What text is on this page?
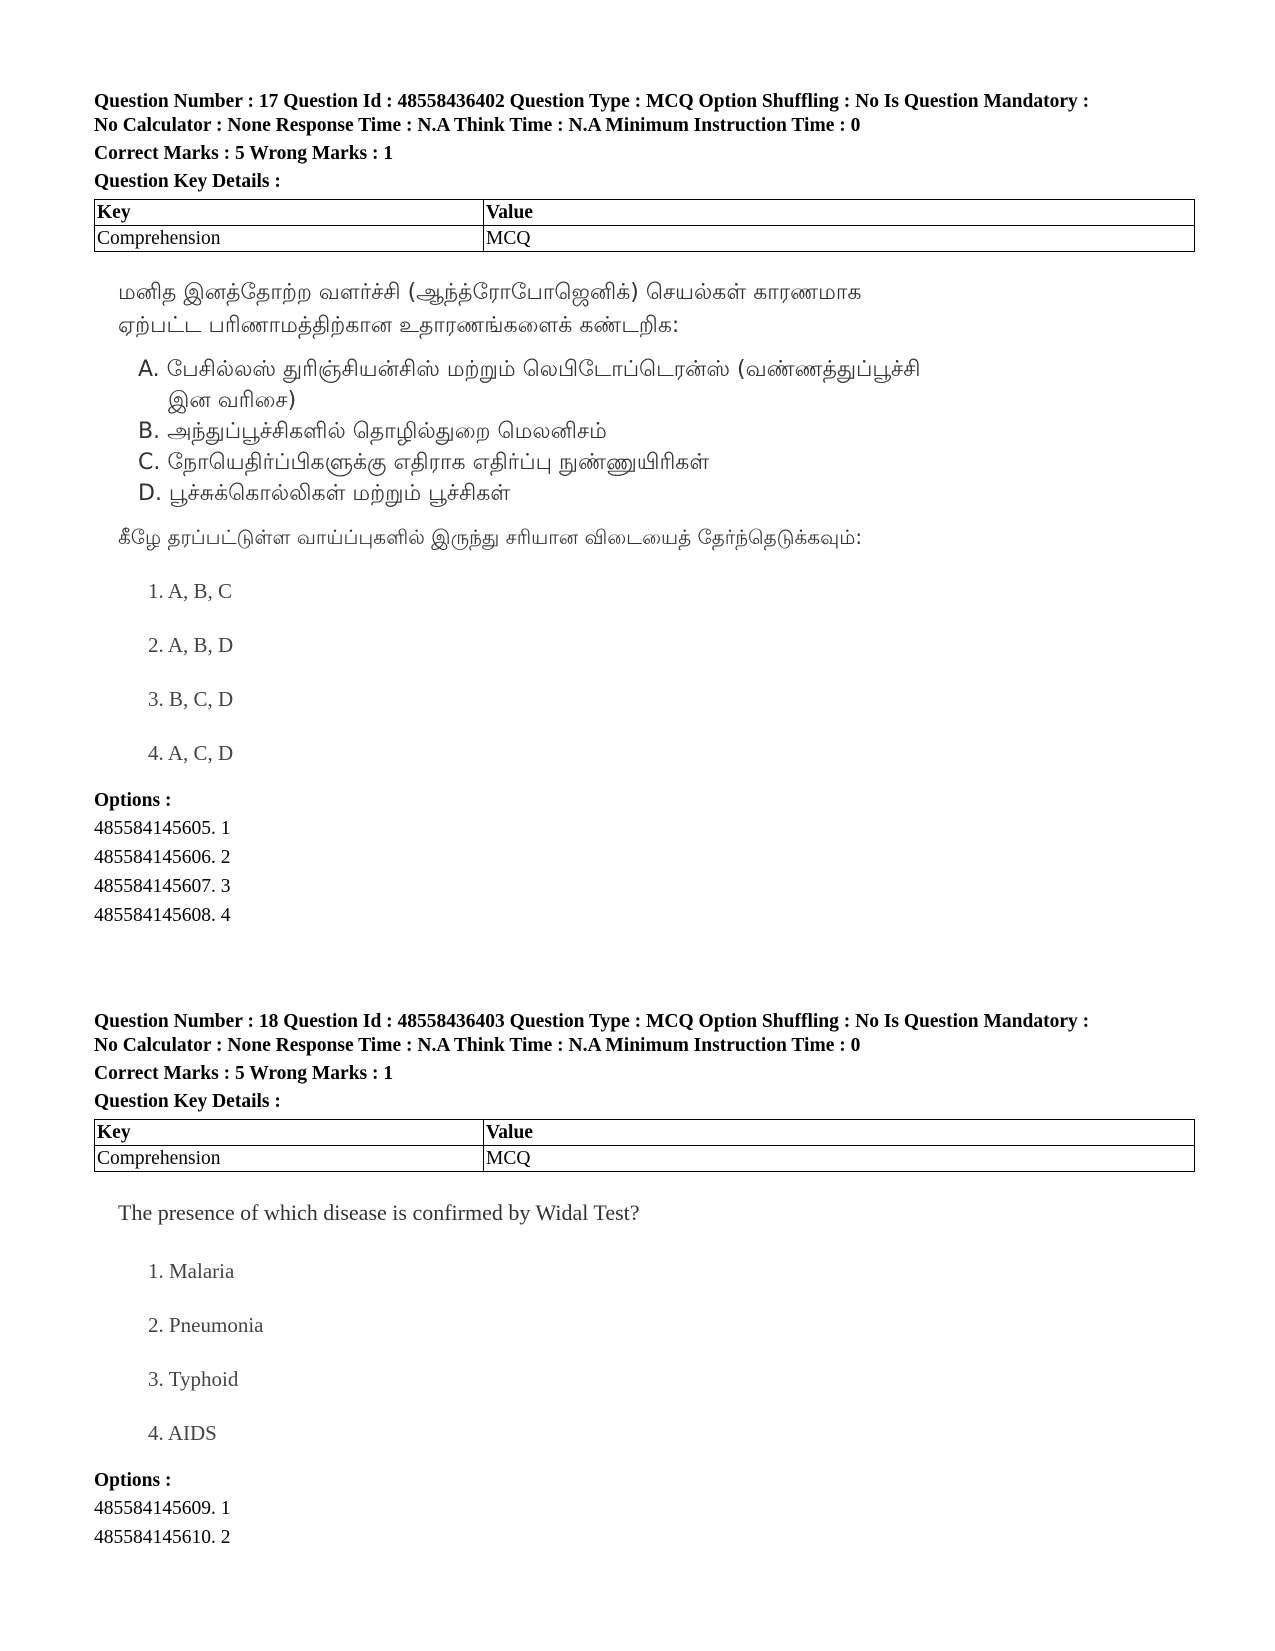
Question Number : 17 Question Id : 48558436402 Question Type : MCQ Option Shuffling : No Is Question Mandatory :
No Calculator : None Response Time : N.A Think Time : N.A Minimum Instruction Time : 0
Correct Marks : 5 Wrong Marks : 1
Question Key Details :
Key	Value
Comprehension	MCQ
மனித இனத்தோற்ற வளர்ச்சி (ஆந்த்ரோபோஜெனிக்) செயல்கள் காரணமாக
ஏற்பட்ட பரிணாமத்திற்கான உதாரணங்களைக் கண்டறிக:
A. பேசில்லஸ் துரிஞ்சியன்சிஸ் மற்றும் லெபிடோப்டெரன்ஸ் (வண்ணத்துப்பூச்சி
இன வரிசை)
B. அந்துப்பூச்சிகளில் தொழில்துறை மெலனிசம்
C. நோயெதிர்ப்பிகளுக்கு எதிராக எதிர்ப்பு நுண்ணுயிரிகள்
D. பூச்சுக்கொல்லிகள் மற்றும் பூச்சிகள்
கீழே தரப்பட்டுள்ள வாய்ப்புகளில் இருந்து சரியான விடையைத் தேர்ந்தெடுக்கவும்:
1. A, B, C
2. A, B, D
3. B, C, D
4. A, C, D
Options :
485584145605. 1
485584145606. 2
485584145607. 3
485584145608. 4
Question Number : 18 Question Id : 48558436403 Question Type : MCQ Option Shuffling : No Is Question Mandatory :
No Calculator : None Response Time : N.A Think Time : N.A Minimum Instruction Time : 0
Correct Marks : 5 Wrong Marks : 1
Question Key Details :
Key	Value
Comprehension	MCQ
The presence of which disease is confirmed by Widal Test?
1. Malaria
2. Pneumonia
3. Typhoid
4. AIDS
Options :
485584145609. 1
485584145610. 2
